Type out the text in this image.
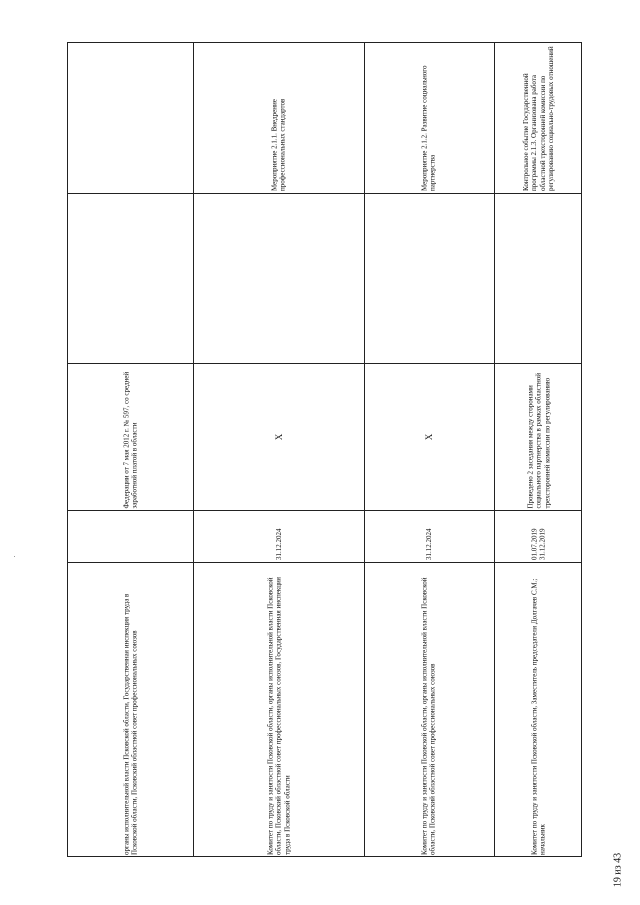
органы исполнительной власти Псковской области, Государственная инспекция труда в Псковской области, Псковский областной совет профессиональных союзов
Федерации от 7 мая 2012 г. № 597, со средней заработной платой в области
Комитет по труду и занятости Псковской области, органы исполнительной власти Псковской области, Псковский областной совет профессиональных союзов, Государственная инспекция труда в Псковской области
31.12.2024
X
Комитет по труду и занятости Псковской области, органы исполнительной власти Псковской области, Псковский областной совет профессиональных союзов
31.12.2024
X
Комитет по труду и занятости Псковской области, Заместитель председателя Долгачев С.М.; начальник
01.07.2019
31.12.2019
Проведено 2 заседания между сторонами социального партнерства в рамках областной трехсторонней комиссии по регулированию
Мероприятие 2.1.1. Внедрение профессиональных стандартов	Мероприятие 2.1.2. Развитие социального партнерства	Контрольное событие Государственной программы 2.1.3. Организована работа областной трехсторонней комиссии по регулированию социально-трудовых отношений
19 из 43
